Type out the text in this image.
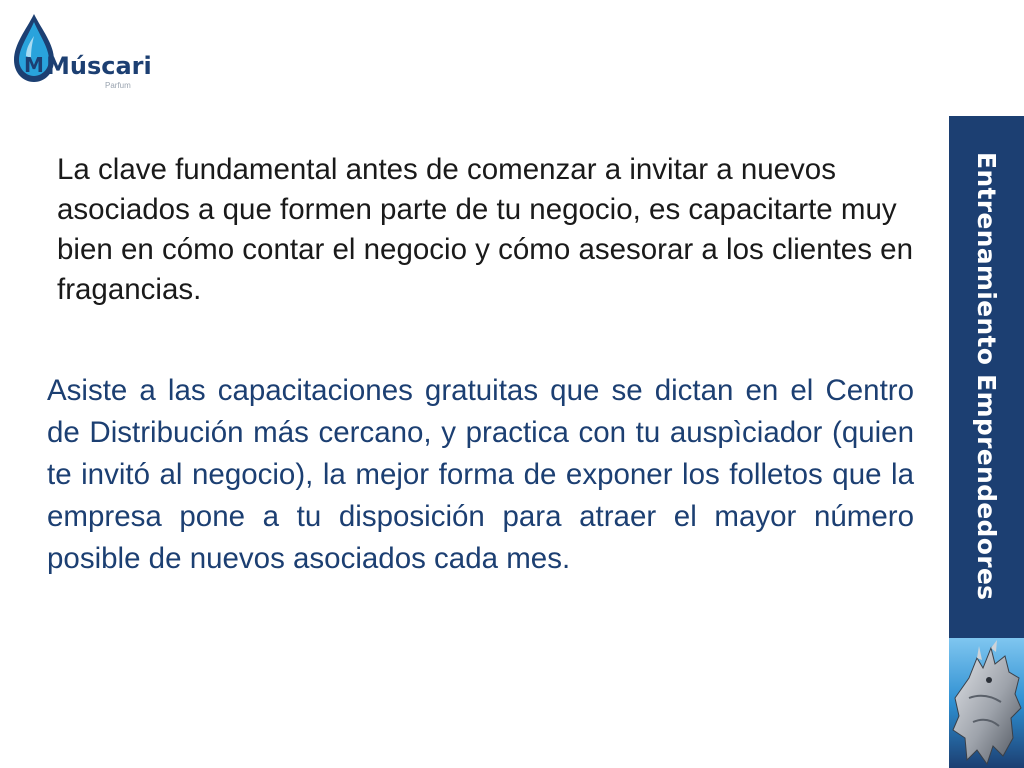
M Múscari
Parfum

La clave fundamental antes de comenzar a invitar a nuevos asociados a que formen parte de tu negocio, es capacitarte muy bien en cómo contar el negocio y cómo asesorar a los clientes en fragancias.

Asiste a las capacitaciones gratuitas que se dictan en el Centro de Distribución más cercano, y practica con tu auspìciador (quien te invitó al negocio), la mejor forma de exponer los folletos que la empresa pone a tu disposición para atraer el mayor número posible de nuevos asociados cada mes.	Entrenamiento Emprendedores
